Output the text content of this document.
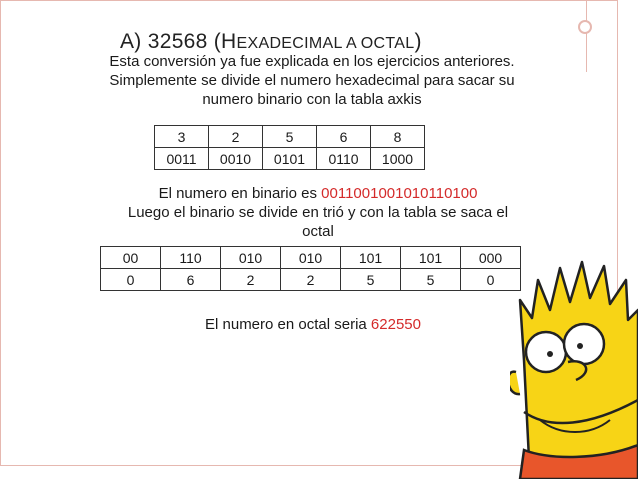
A) 32568 (HEXADECIMAL A OCTAL)
Esta conversión ya fue explicada en los ejercicios anteriores.
Simplemente se divide el numero hexadecimal para sacar su
numero binario con la tabla axkis
3	2	5	6	8
0011	0010	0101	0110	1000
El numero en binario es 0011001001010110100
Luego el binario se divide en trió y con la tabla se saca el
octal
00	110	010	010	101	101	000
0	6	2	2	5	5	0
El numero en octal seria 622550
